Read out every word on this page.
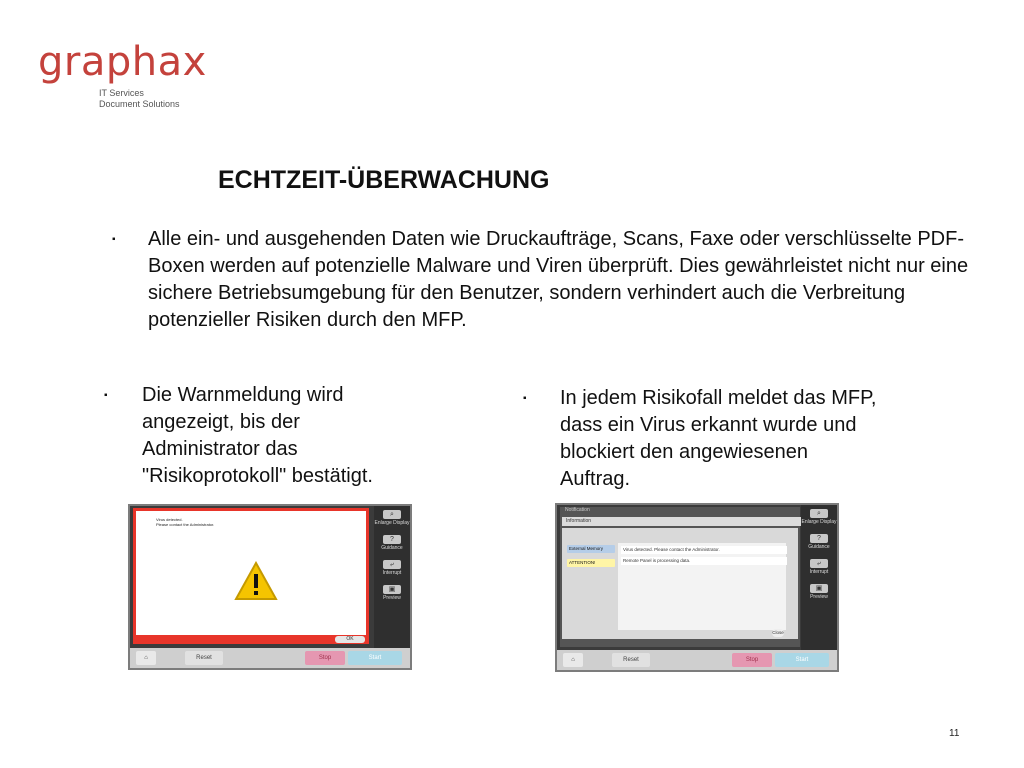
graphax
IT Services
Document Solutions
ECHTZEIT-ÜBERWACHUNG
▪ Alle ein- und ausgehenden Daten wie Druckaufträge, Scans, Faxe oder verschlüsselte PDF-Boxen werden auf potenzielle Malware und Viren überprüft. Dies gewährleistet nicht nur eine sichere Betriebsumgebung für den Benutzer, sondern verhindert auch die Verbreitung potenzieller Risiken durch den MFP.
▪ Die Warnmeldung wird angezeigt, bis der Administrator das "Risikoprotokoll" bestätigt.
▪ In jedem Risikofall meldet das MFP, dass ein Virus erkannt wurde und blockiert den angewiesenen Auftrag.
Virus detected.
Please contact the Administrator.
OK
⌕
Enlarge Display
?
Guidance
⤶
Interrupt
▣
Preview
⌂	Reset	Stop	Start
Notification
Information
External Memory
ATTENTION!
Virus detected. Please contact the Administrator.
Remote Panel is processing data.
Close
⌕
Enlarge Display
?
Guidance
⤶
Interrupt
▣
Preview
⌂	Reset	Stop	Start
11
